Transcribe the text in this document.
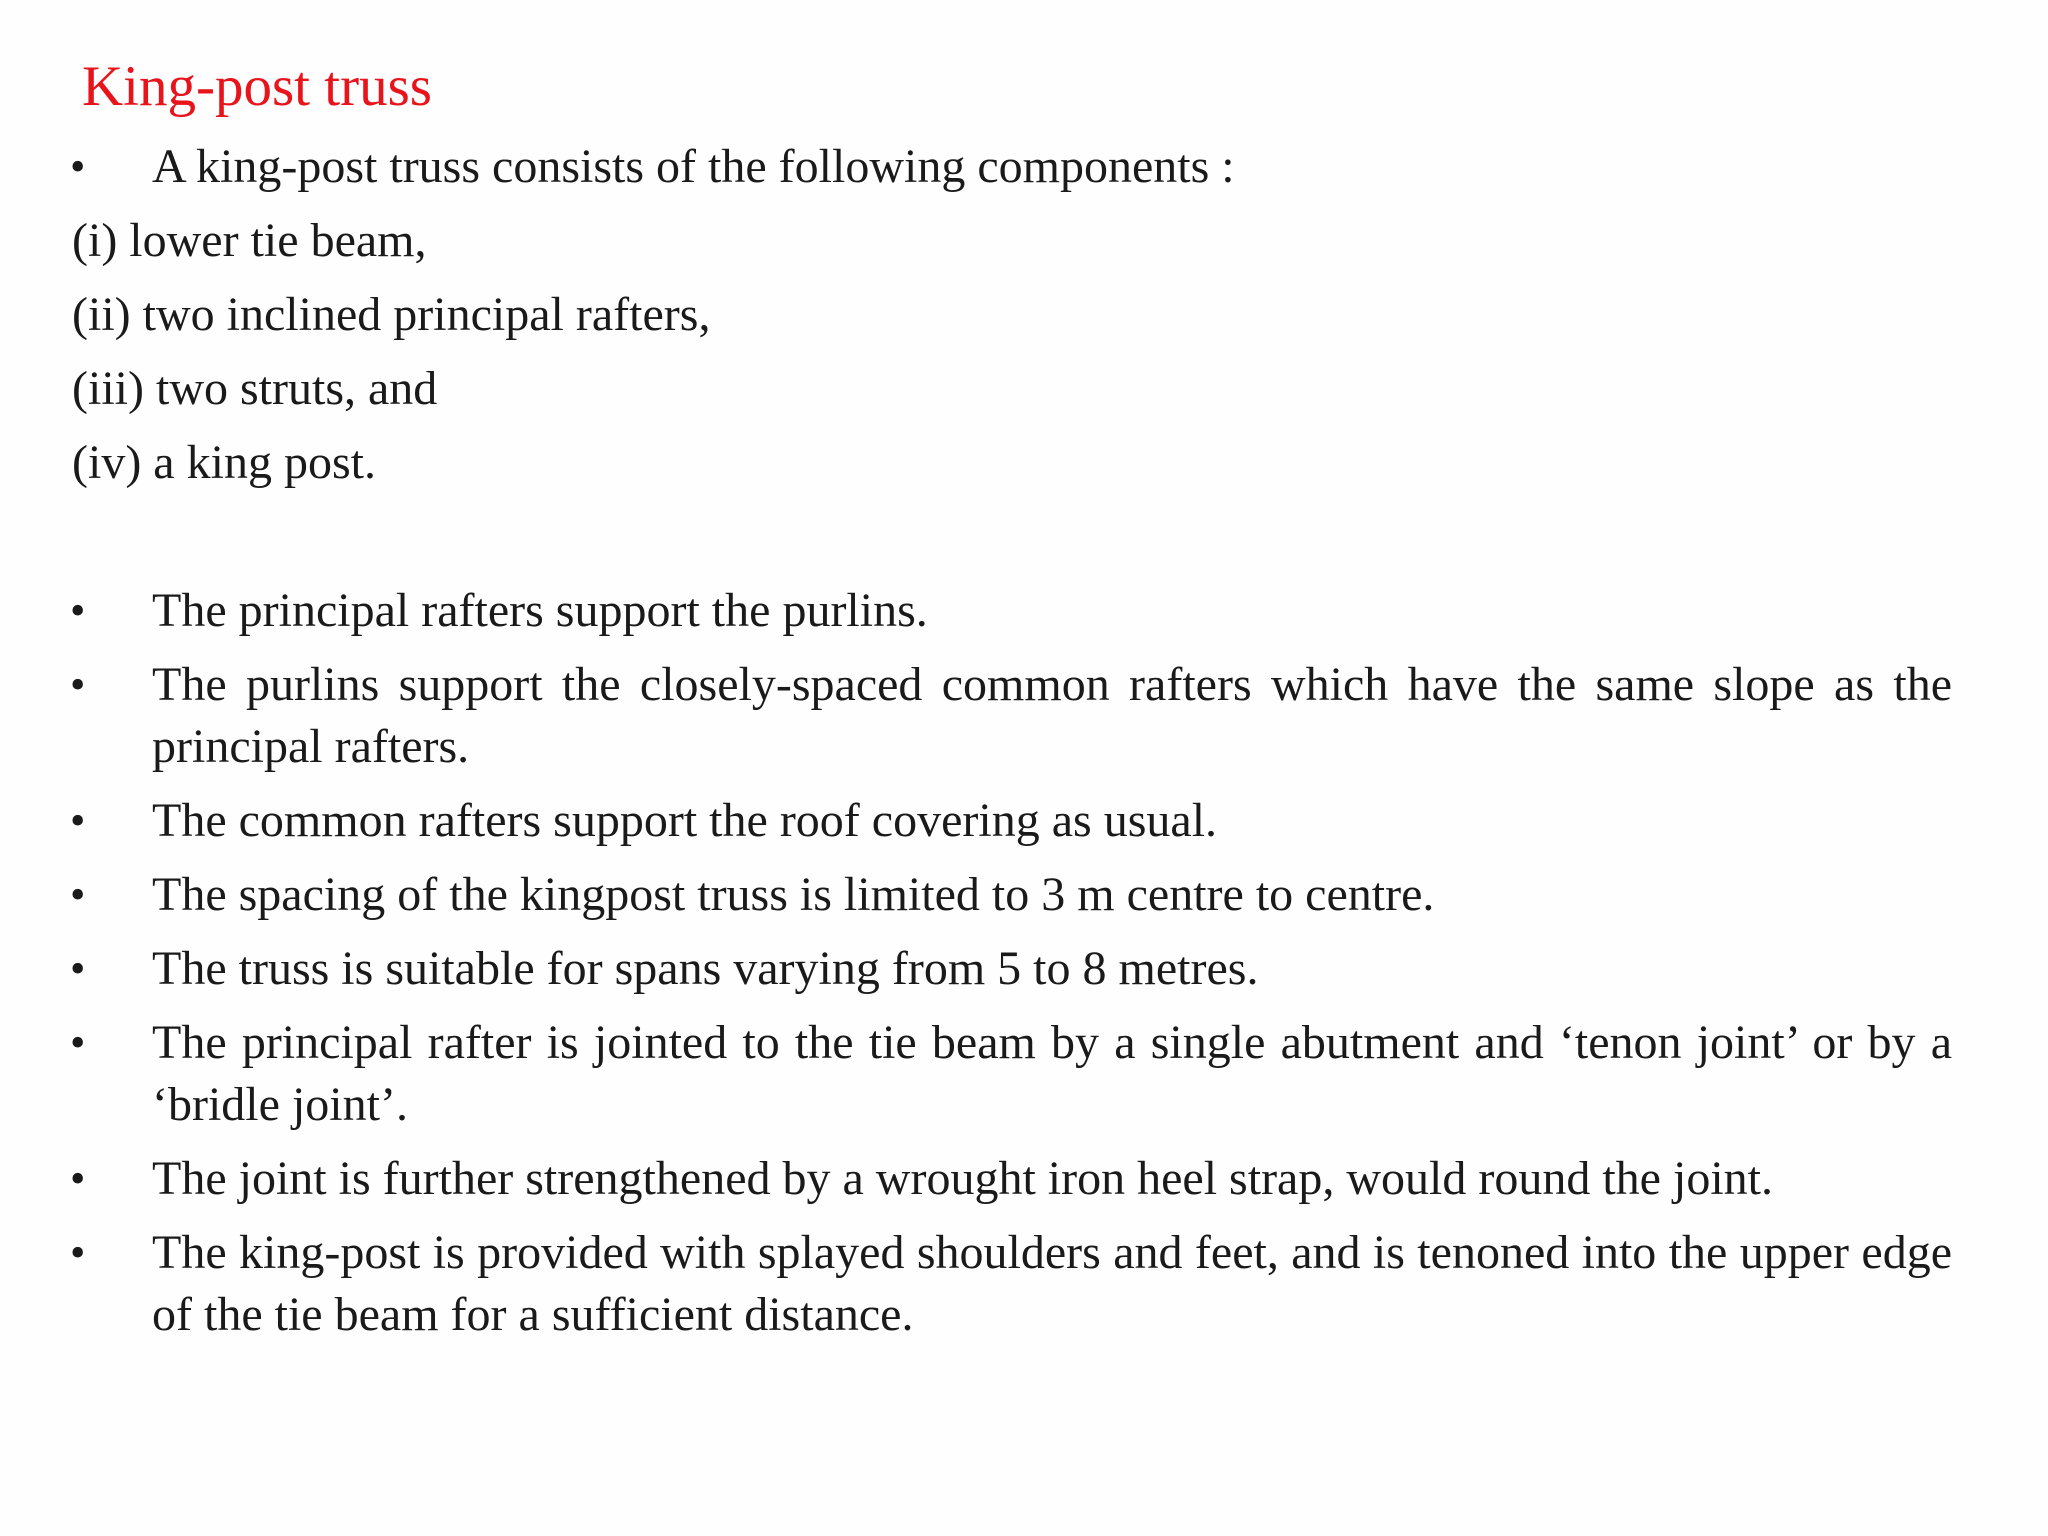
King-post truss
• A king-post truss consists of the following components :
(i) lower tie beam,
(ii) two inclined principal rafters,
(iii) two struts, and
(iv) a king post.
• The principal rafters support the purlins.
• The purlins support the closely-spaced common rafters which have the same slope as the principal rafters.
• The common rafters support the roof covering as usual.
• The spacing of the kingpost truss is limited to 3 m centre to centre.
• The truss is suitable for spans varying from 5 to 8 metres.
• The principal rafter is jointed to the tie beam by a single abutment and ‘tenon joint’ or by a ‘bridle joint’.
• The joint is further strengthened by a wrought iron heel strap, would round the joint.
• The king-post is provided with splayed shoulders and feet, and is tenoned into the upper edge of the tie beam for a sufficient distance.
